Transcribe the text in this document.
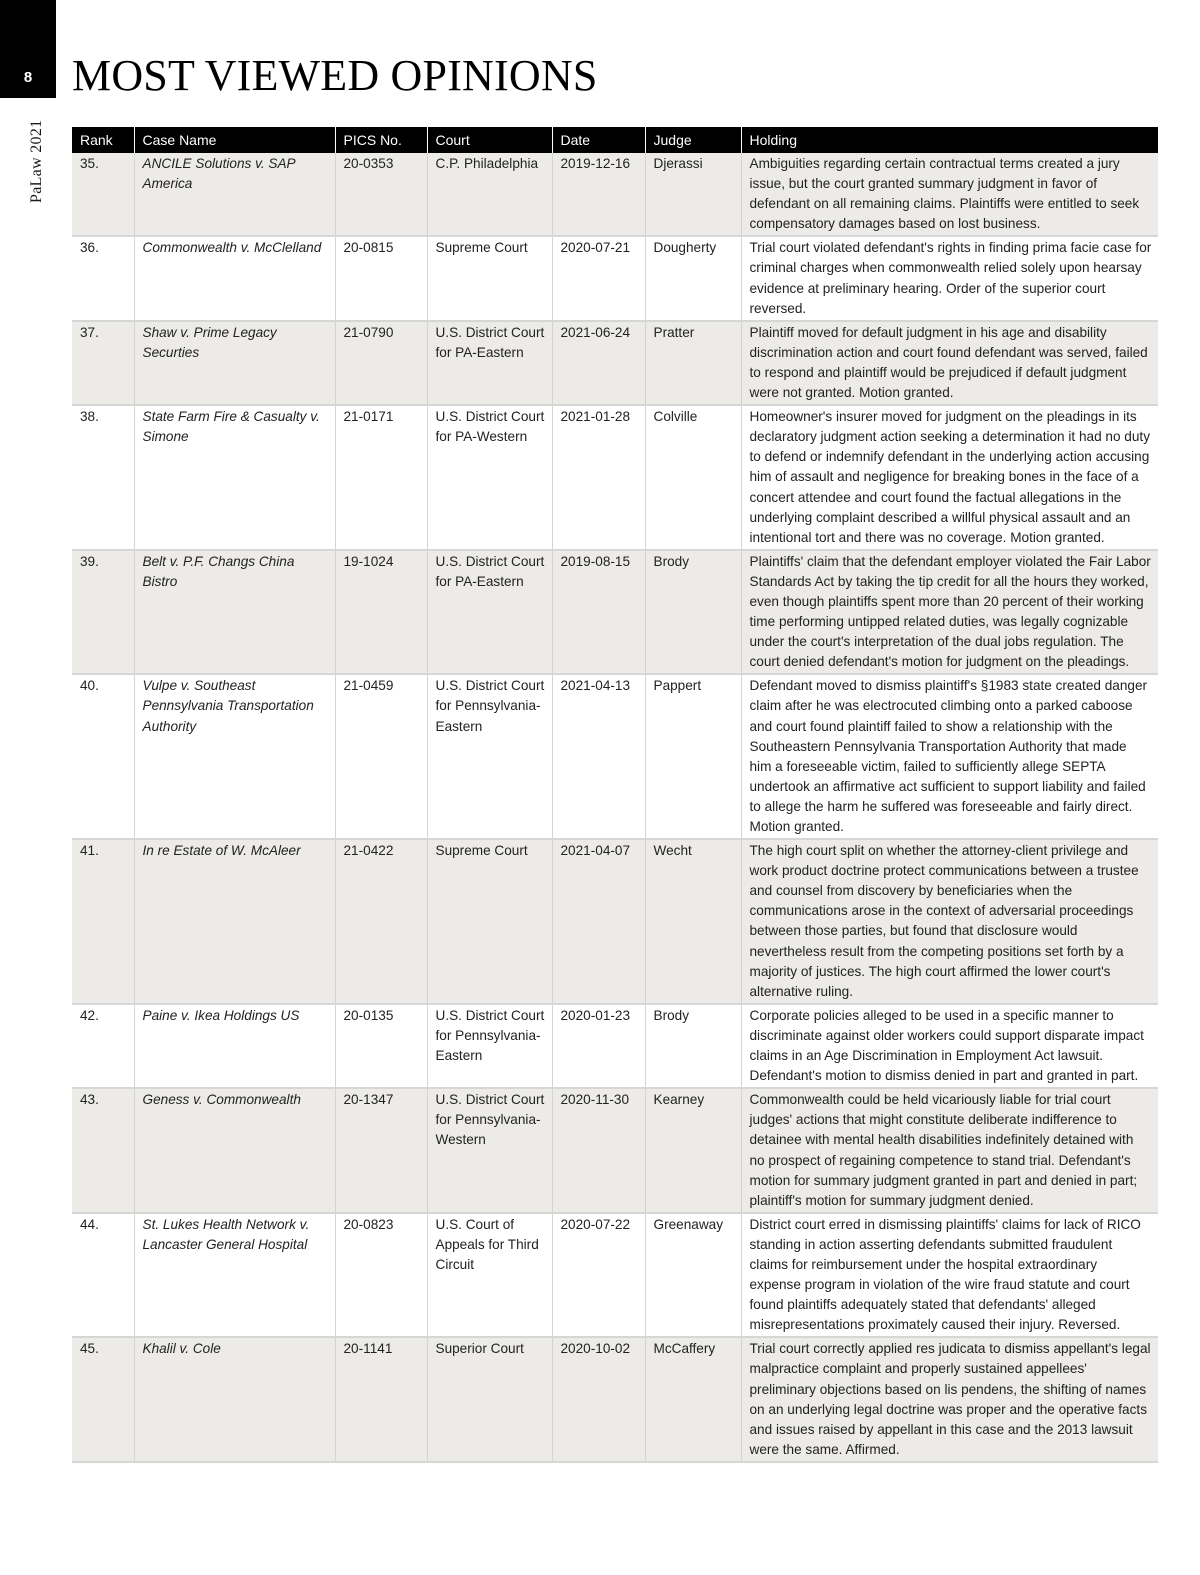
8
PaLaw 2021
MOST VIEWED OPINIONS
Rank	Case Name	PICS No.	Court	Date	Judge	Holding
35.	ANCILE Solutions v. SAP America	20-0353	C.P. Philadelphia	2019-12-16	Djerassi	Ambiguities regarding certain contractual terms created a jury issue, but the court granted summary judgment in favor of defendant on all remaining claims. Plaintiffs were entitled to seek compensatory damages based on lost business.
36.	Commonwealth v. McClelland	20-0815	Supreme Court	2020-07-21	Dougherty	Trial court violated defendant's rights in finding prima facie case for criminal charges when commonwealth relied solely upon hearsay evidence at preliminary hearing. Order of the superior court reversed.
37.	Shaw v. Prime Legacy Securties	21-0790	U.S. District Court for PA-Eastern	2021-06-24	Pratter	Plaintiff moved for default judgment in his age and disability discrimination action and court found defendant was served, failed to respond and plaintiff would be prejudiced if default judgment were not granted. Motion granted.
38.	State Farm Fire & Casualty v. Simone	21-0171	U.S. District Court for PA-Western	2021-01-28	Colville	Homeowner's insurer moved for judgment on the pleadings in its declaratory judgment action seeking a determination it had no duty to defend or indemnify defendant in the underlying action accusing him of assault and negligence for breaking bones in the face of a concert attendee and court found the factual allegations in the underlying complaint described a willful physical assault and an intentional tort and there was no coverage. Motion granted.
39.	Belt v. P.F. Changs China Bistro	19-1024	U.S. District Court for PA-Eastern	2019-08-15	Brody	Plaintiffs' claim that the defendant employer violated the Fair Labor Standards Act by taking the tip credit for all the hours they worked, even though plaintiffs spent more than 20 percent of their working time performing untipped related duties, was legally cognizable under the court's interpretation of the dual jobs regulation. The court denied defendant's motion for judgment on the pleadings.
40.	Vulpe v. Southeast Pennsylvania Transportation Authority	21-0459	U.S. District Court for Pennsylvania-Eastern	2021-04-13	Pappert	Defendant moved to dismiss plaintiff's §1983 state created danger claim after he was electrocuted climbing onto a parked caboose and court found plaintiff failed to show a relationship with the Southeastern Pennsylvania Transportation Authority that made him a foreseeable victim, failed to sufficiently allege SEPTA undertook an affirmative act sufficient to support liability and failed to allege the harm he suffered was foreseeable and fairly direct. Motion granted.
41.	In re Estate of W. McAleer	21-0422	Supreme Court	2021-04-07	Wecht	The high court split on whether the attorney-client privilege and work product doctrine protect communications between a trustee and counsel from discovery by beneficiaries when the communications arose in the context of adversarial proceedings between those parties, but found that disclosure would nevertheless result from the competing positions set forth by a majority of justices. The high court affirmed the lower court's alternative ruling.
42.	Paine v. Ikea Holdings US	20-0135	U.S. District Court for Pennsylvania-Eastern	2020-01-23	Brody	Corporate policies alleged to be used in a specific manner to discriminate against older workers could support disparate impact claims in an Age Discrimination in Employment Act lawsuit. Defendant's motion to dismiss denied in part and granted in part.
43.	Geness v. Commonwealth	20-1347	U.S. District Court for Pennsylvania-Western	2020-11-30	Kearney	Commonwealth could be held vicariously liable for trial court judges' actions that might constitute deliberate indifference to detainee with mental health disabilities indefinitely detained with no prospect of regaining competence to stand trial. Defendant's motion for summary judgment granted in part and denied in part; plaintiff's motion for summary judgment denied.
44.	St. Lukes Health Network v. Lancaster General Hospital	20-0823	U.S. Court of Appeals for Third Circuit	2020-07-22	Greenaway	District court erred in dismissing plaintiffs' claims for lack of RICO standing in action asserting defendants submitted fraudulent claims for reimbursement under the hospital extraordinary expense program in violation of the wire fraud statute and court found plaintiffs adequately stated that defendants' alleged misrepresentations proximately caused their injury. Reversed.
45.	Khalil v. Cole	20-1141	Superior Court	2020-10-02	McCaffery	Trial court correctly applied res judicata to dismiss appellant's legal malpractice complaint and properly sustained appellees' preliminary objections based on lis pendens, the shifting of names on an underlying legal doctrine was proper and the operative facts and issues raised by appellant in this case and the 2013 lawsuit were the same. Affirmed.
